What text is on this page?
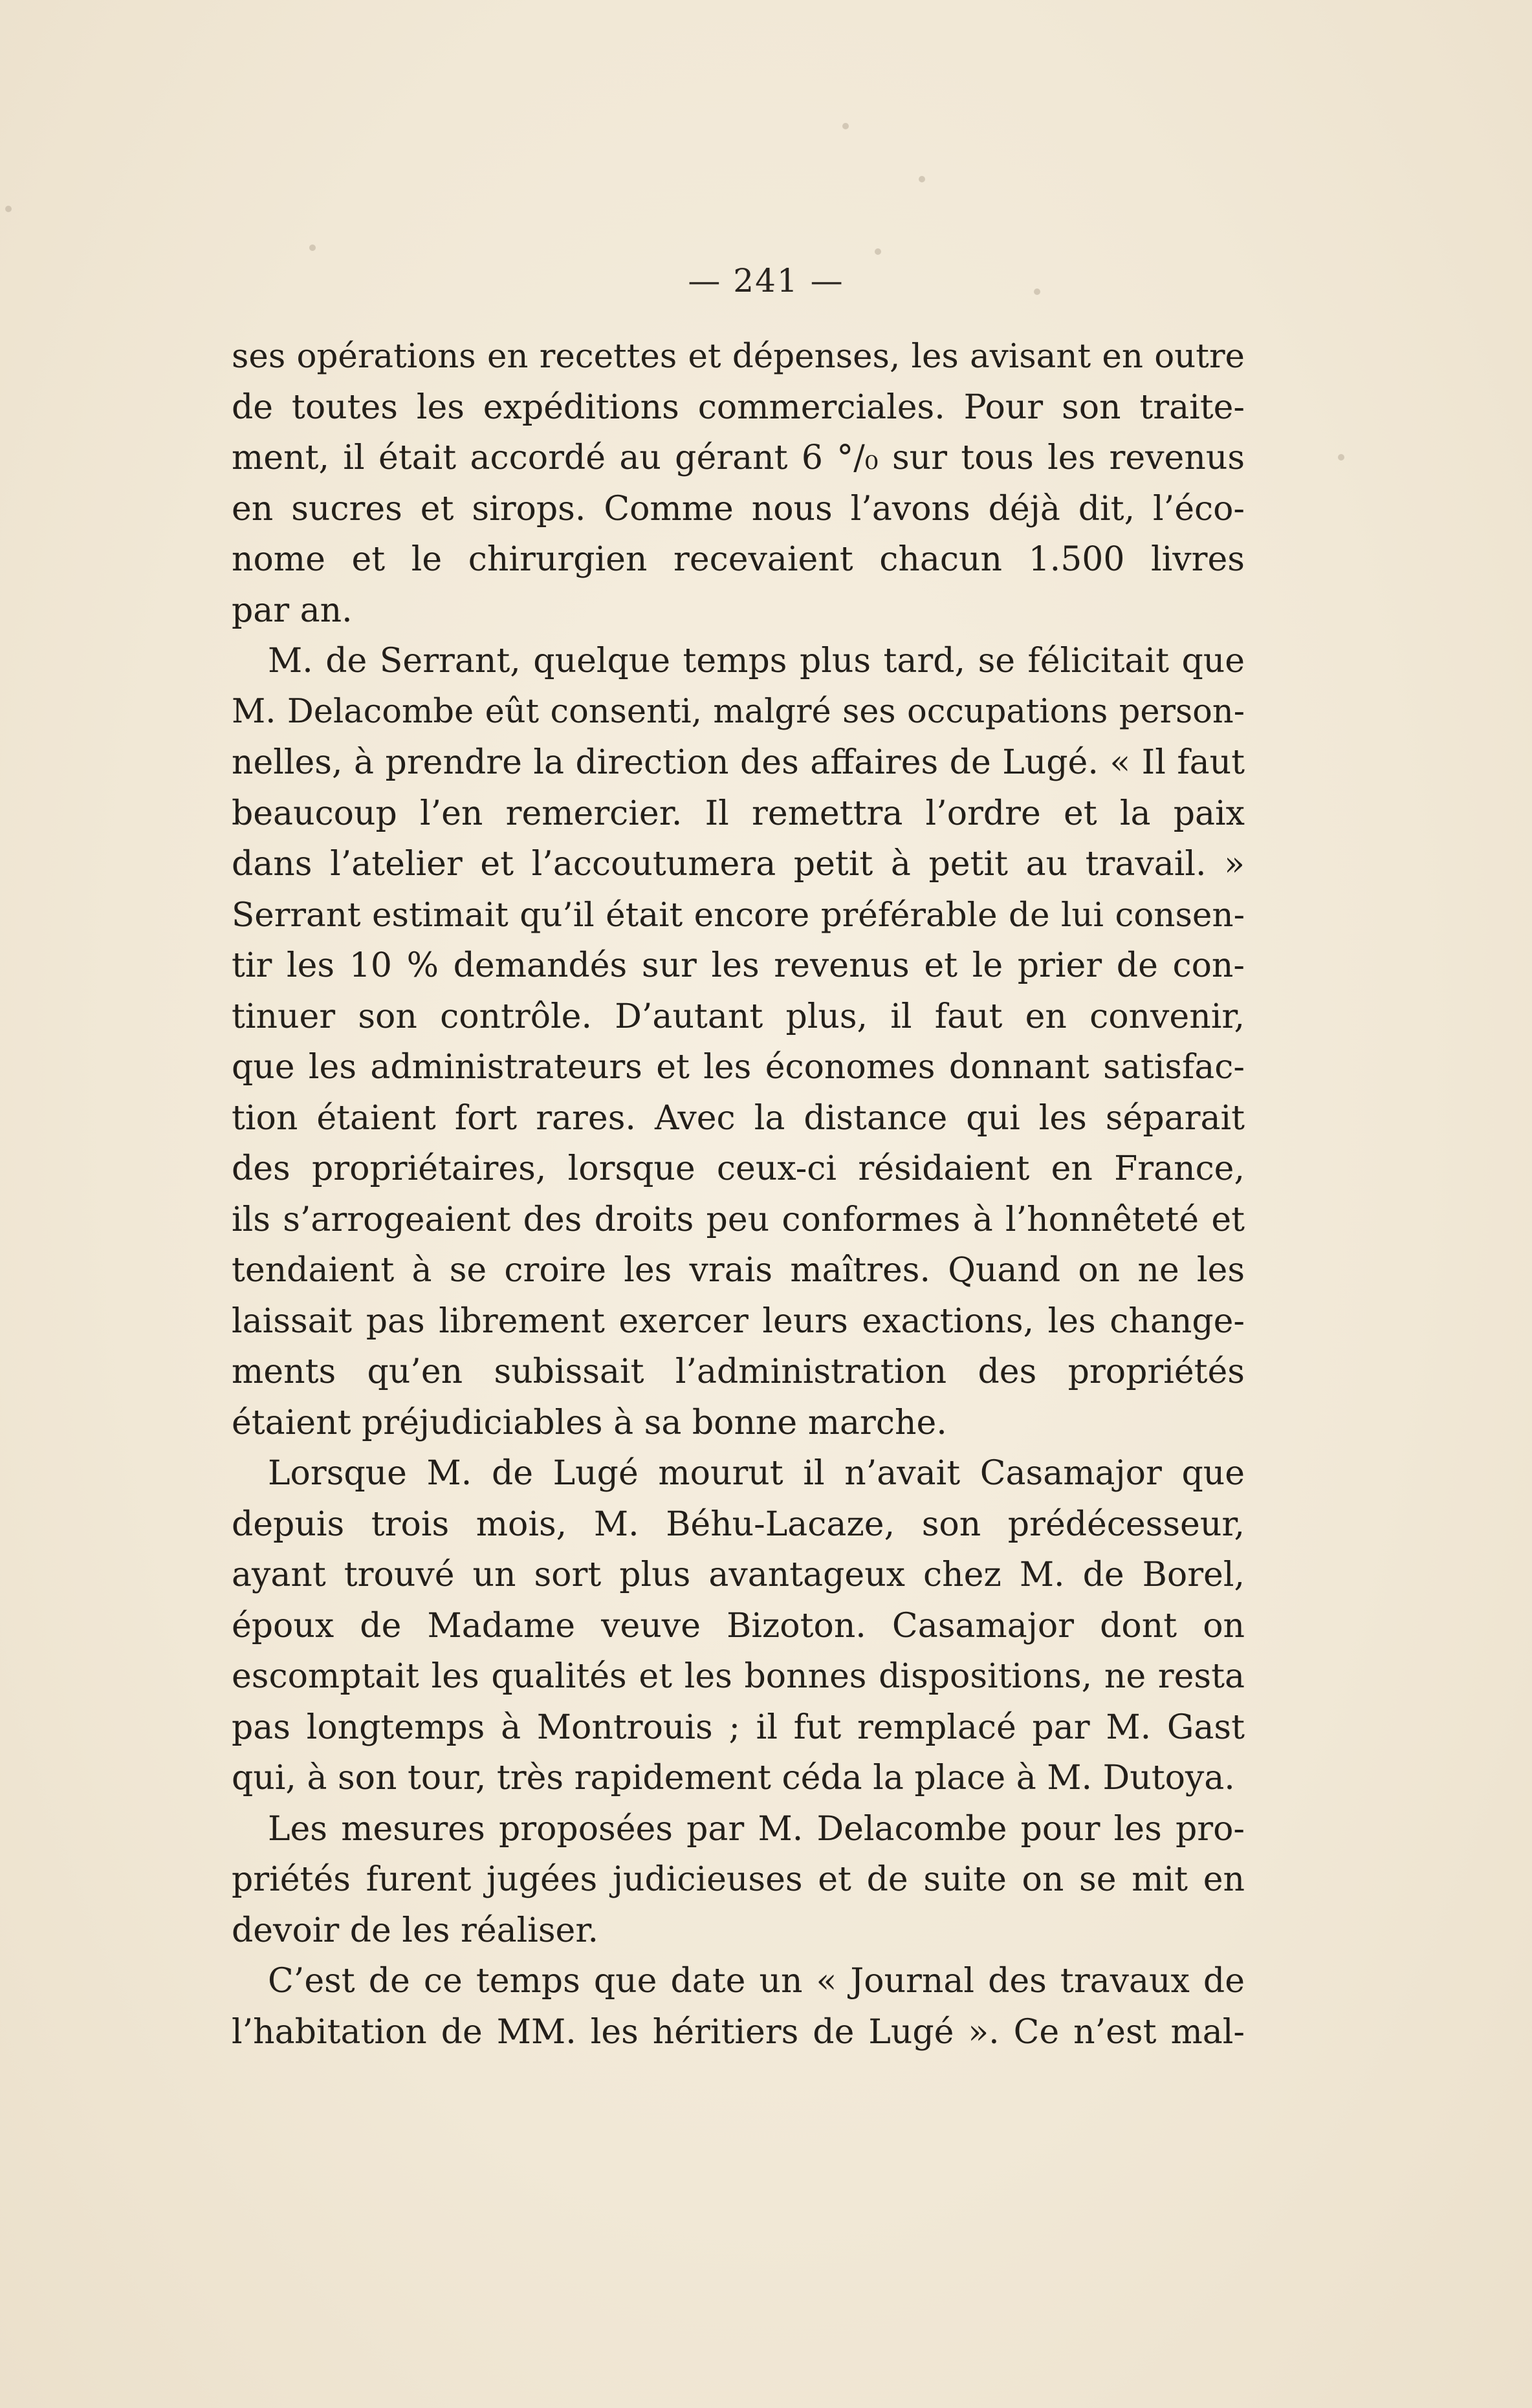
— 241 —
ses opérations en recettes et dépenses, les avisant en outre
de toutes les expéditions commerciales. Pour son traite-
ment, il était accordé au gérant 6 °/₀ sur tous les revenus
en sucres et sirops. Comme nous l’avons déjà dit, l’éco-
nome et le chirurgien recevaient chacun 1.500 livres
par an.
M. de Serrant, quelque temps plus tard, se félicitait que
M. Delacombe eût consenti, malgré ses occupations person-
nelles, à prendre la direction des affaires de Lugé. « Il faut
beaucoup l’en remercier. Il remettra l’ordre et la paix
dans l’atelier et l’accoutumera petit à petit au travail. »
Serrant estimait qu’il était encore préférable de lui consen-
tir les 10 % demandés sur les revenus et le prier de con-
tinuer son contrôle. D’autant plus, il faut en convenir,
que les administrateurs et les économes donnant satisfac-
tion étaient fort rares. Avec la distance qui les séparait
des propriétaires, lorsque ceux-ci résidaient en France,
ils s’arrogeaient des droits peu conformes à l’honnêteté et
tendaient à se croire les vrais maîtres. Quand on ne les
laissait pas librement exercer leurs exactions, les change-
ments qu’en subissait l’administration des propriétés
étaient préjudiciables à sa bonne marche.
Lorsque M. de Lugé mourut il n’avait Casamajor que
depuis trois mois, M. Béhu-Lacaze, son prédécesseur,
ayant trouvé un sort plus avantageux chez M. de Borel,
époux de Madame veuve Bizoton. Casamajor dont on
escomptait les qualités et les bonnes dispositions, ne resta
pas longtemps à Montrouis ; il fut remplacé par M. Gast
qui, à son tour, très rapidement céda la place à M. Dutoya.
Les mesures proposées par M. Delacombe pour les pro-
priétés furent jugées judicieuses et de suite on se mit en
devoir de les réaliser.
C’est de ce temps que date un « Journal des travaux de
l’habitation de MM. les héritiers de Lugé ». Ce n’est mal-
